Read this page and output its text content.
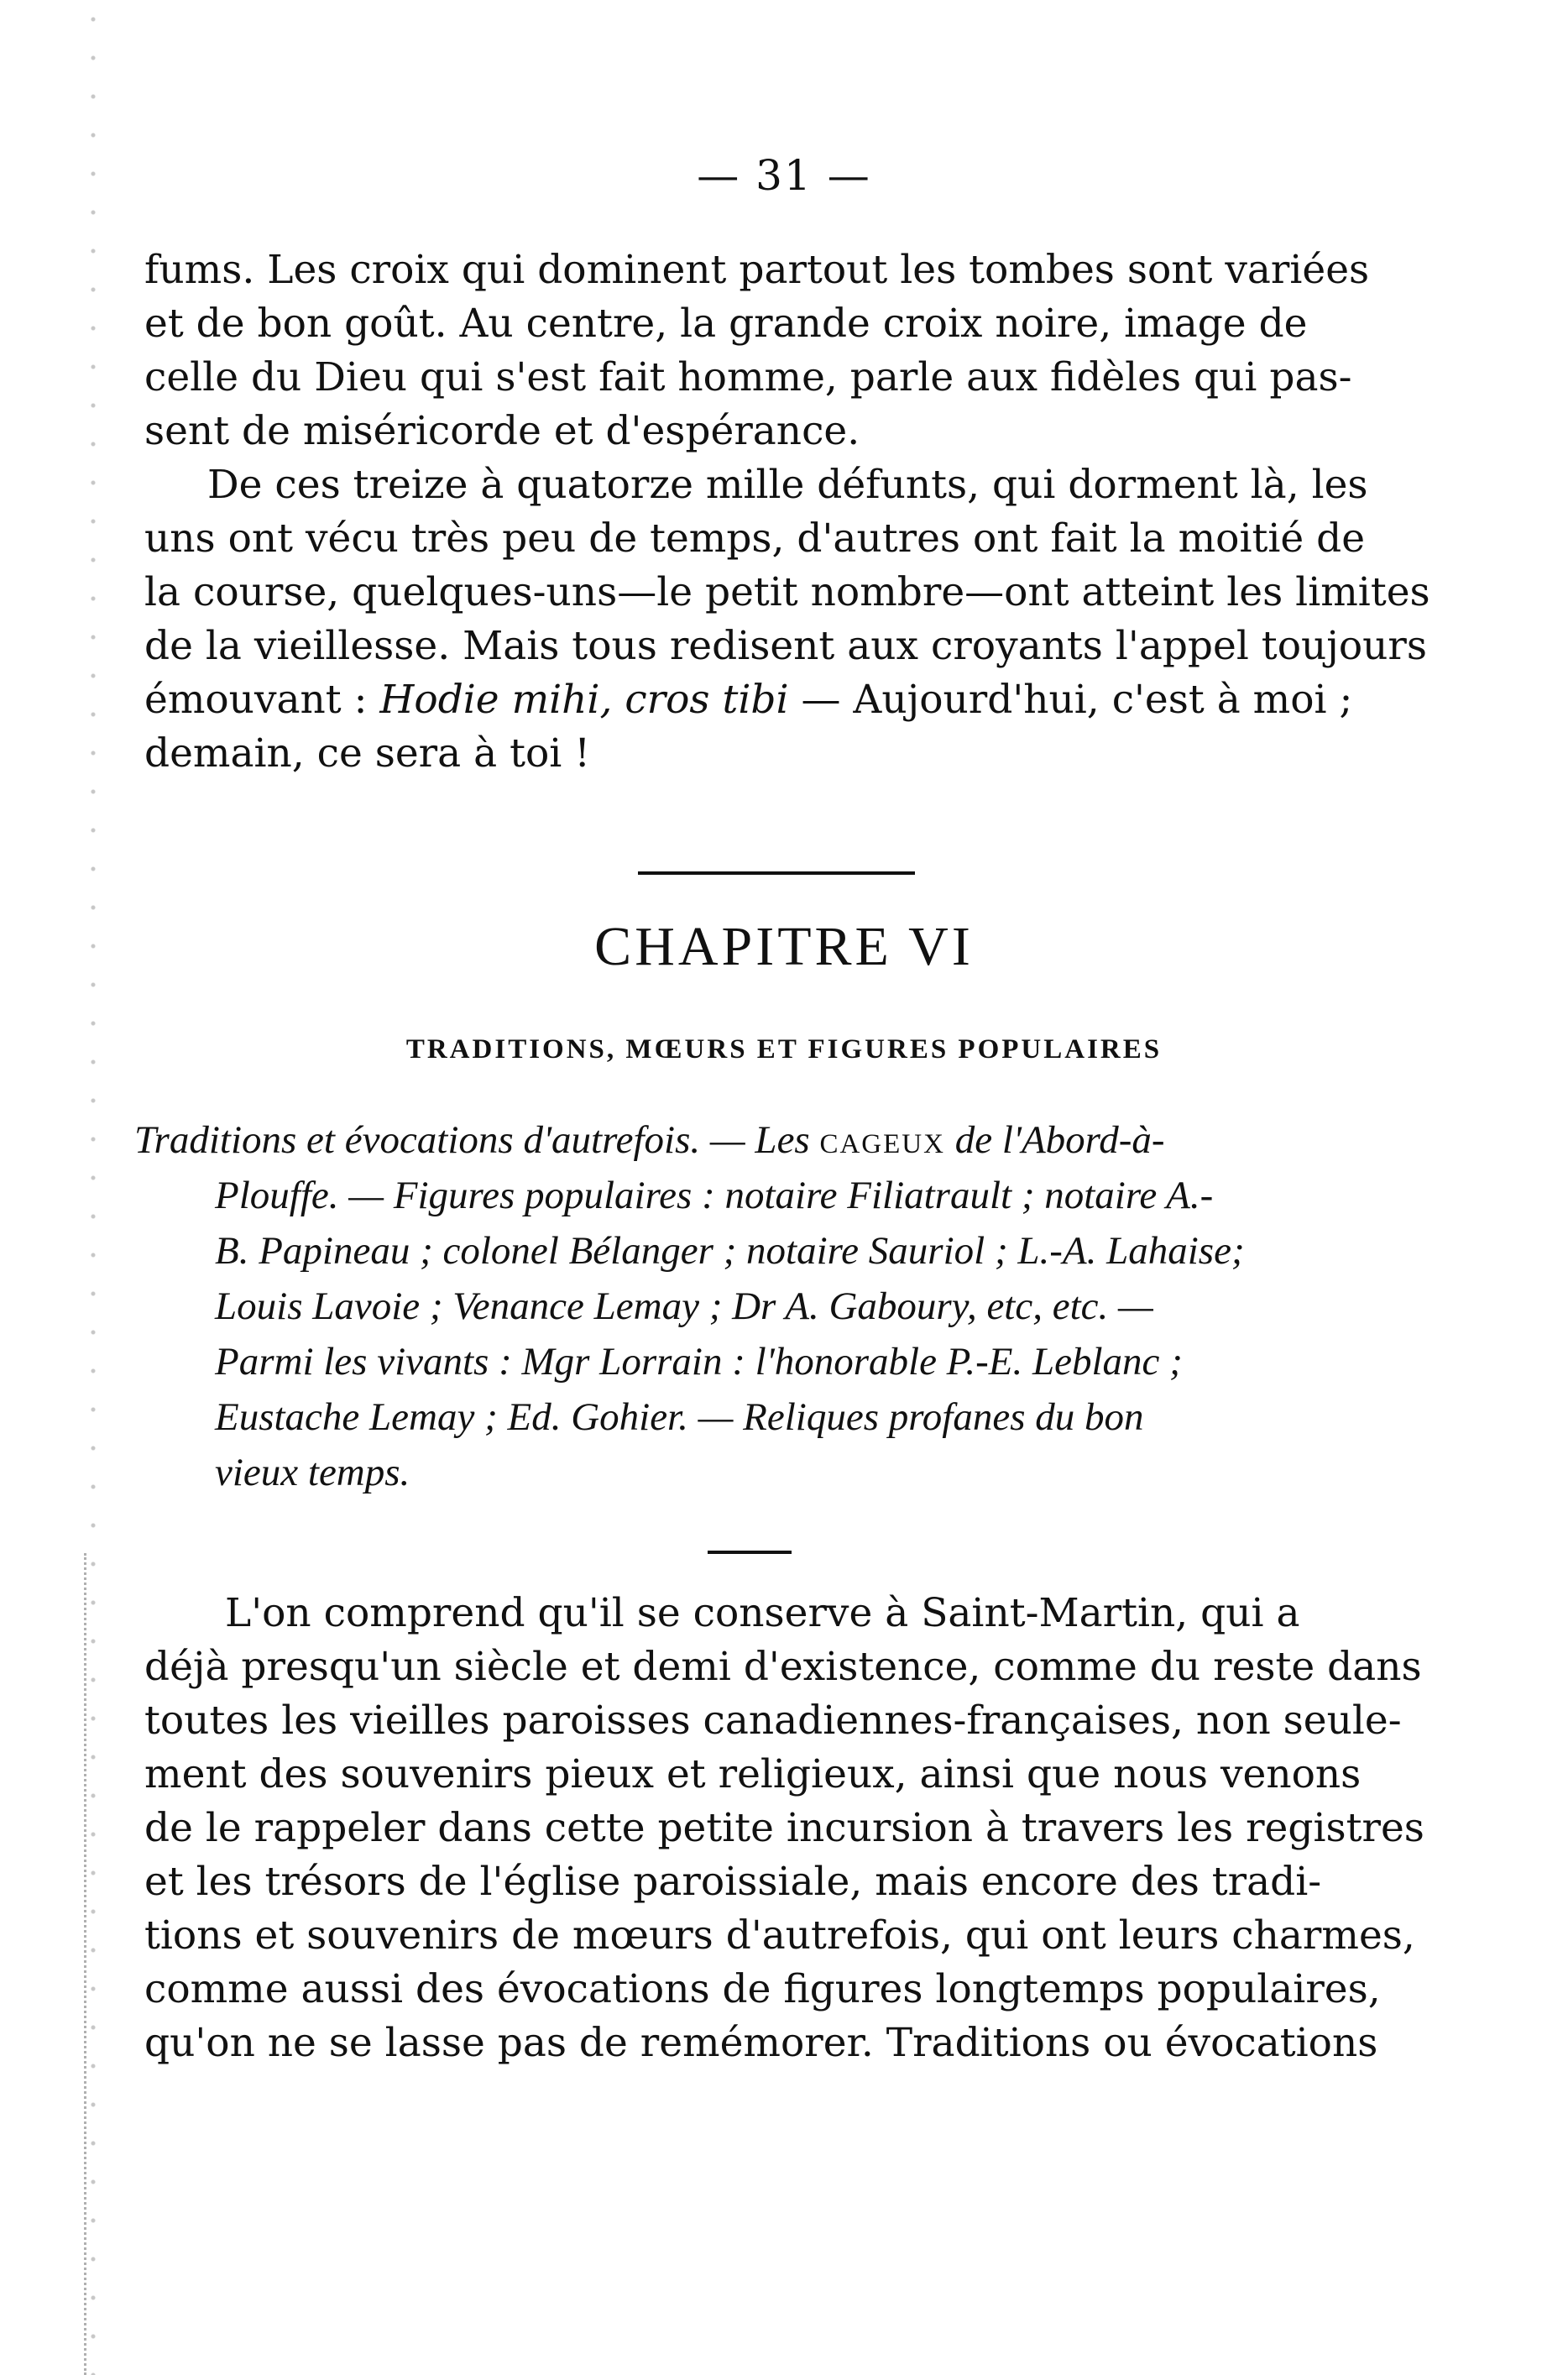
— 31 —
fums. Les croix qui dominent partout les tombes sont variées
et de bon goût. Au centre, la grande croix noire, image de
celle du Dieu qui s'est fait homme, parle aux fidèles qui pas-
sent de miséricorde et d'espérance.
De ces treize à quatorze mille défunts, qui dorment là, les
uns ont vécu très peu de temps, d'autres ont fait la moitié de
la course, quelques-uns—le petit nombre—ont atteint les limites
de la vieillesse. Mais tous redisent aux croyants l'appel toujours
émouvant : Hodie mihi, cros tibi — Aujourd'hui, c'est à moi ;
demain, ce sera à toi !
CHAPITRE VI
TRADITIONS, MŒURS ET FIGURES POPULAIRES
Traditions et évocations d'autrefois. — Les cageux de l'Abord-à-
Plouffe. — Figures populaires : notaire Filiatrault ; notaire A.-
B. Papineau ; colonel Bélanger ; notaire Sauriol ; L.-A. Lahaise;
Louis Lavoie ; Venance Lemay ; Dr A. Gaboury, etc, etc. —
Parmi les vivants : Mgr Lorrain : l'honorable P.-E. Leblanc ;
Eustache Lemay ; Ed. Gohier. — Reliques profanes du bon
vieux temps.
L'on comprend qu'il se conserve à Saint-Martin, qui a
déjà presqu'un siècle et demi d'existence, comme du reste dans
toutes les vieilles paroisses canadiennes-françaises, non seule-
ment des souvenirs pieux et religieux, ainsi que nous venons
de le rappeler dans cette petite incursion à travers les registres
et les trésors de l'église paroissiale, mais encore des tradi-
tions et souvenirs de mœurs d'autrefois, qui ont leurs charmes,
comme aussi des évocations de figures longtemps populaires,
qu'on ne se lasse pas de remémorer. Traditions ou évocations
